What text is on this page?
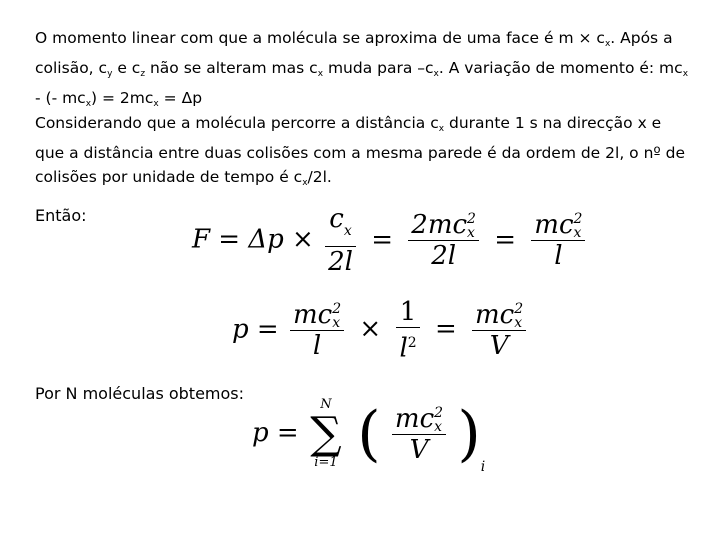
O momento linear com que a molécula se aproxima de uma face é $m \times c_x$. Após a colisão, $c_y$ e $c_z$ não se alteram mas $c_x$ muda para $-c_x$. A variação de momento é: $mc_x$ - (- $mc_x) = 2mc_x = \Delta p$
Considerando que a molécula percorre a distância $c_x$ durante 1 s na direcção x e que a distância entre duas colisões com a mesma parede é da ordem de 2l, o nº de colisões por unidade de tempo é $c_x/2l$.
Então:
$F = \Delta p \times \frac{c_x}{2l} = 2mc$ 2
x
2l = mc 2
x
l
p = mc 2
x
$l \times \frac{1}{l^2}$ = mc 2
x
V
Por N moléculas obtemos:
p =
N
∑
i=1 ( mc 2
x
V )$_i$
